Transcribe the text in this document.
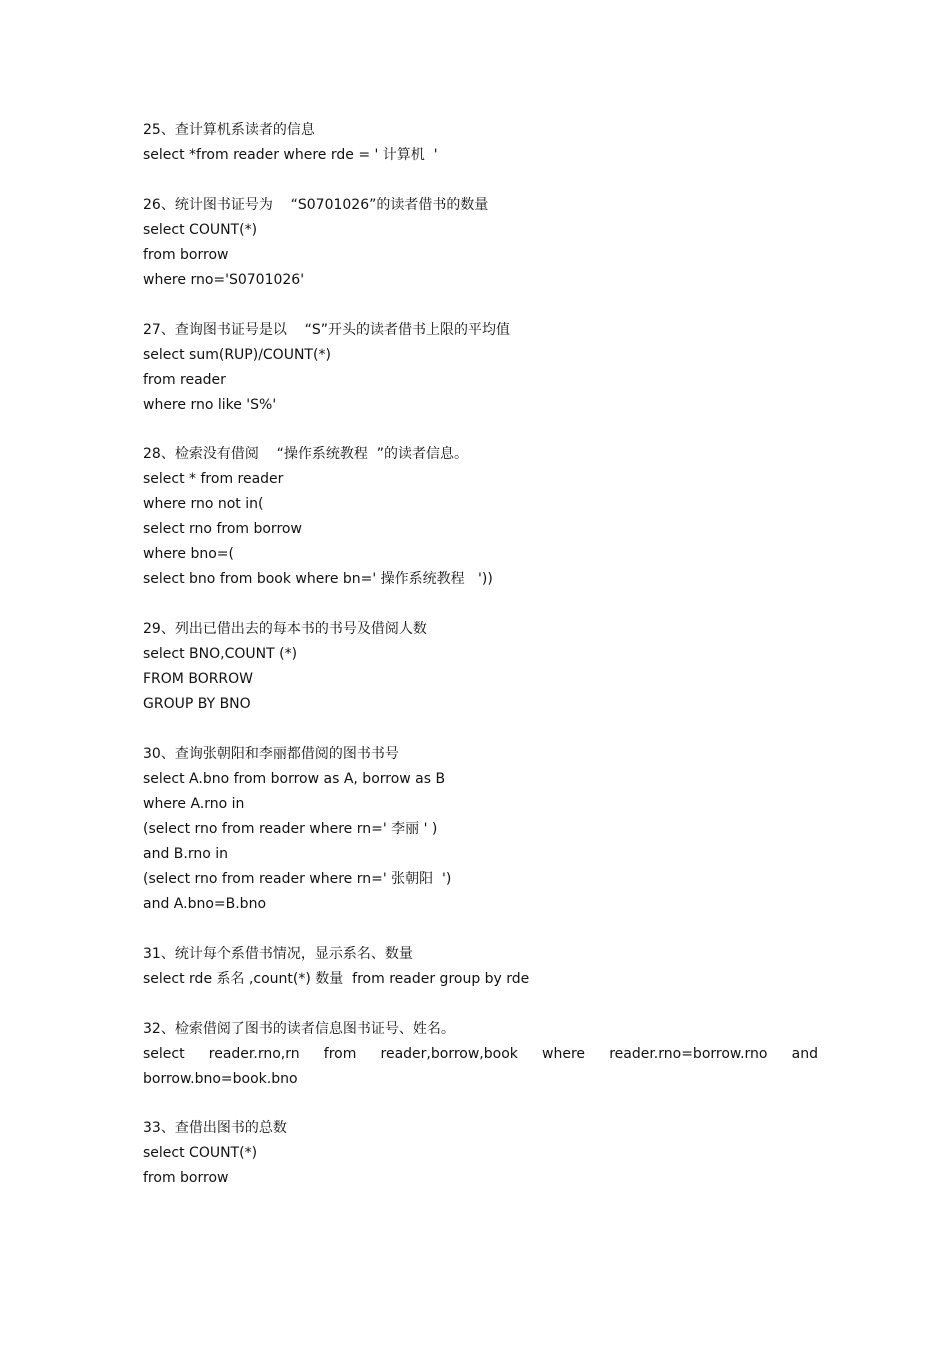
25、查计算机系读者的信息
select *from reader where rde = ' 计算机  '
26、统计图书证号为    “S0701026”的读者借书的数量
select COUNT(*)
from borrow
where rno='S0701026'
27、查询图书证号是以    “S”开头的读者借书上限的平均值
select sum(RUP)/COUNT(*)
from reader
where rno like 'S%'
28、检索没有借阅    “操作系统教程  ”的读者信息。
select * from reader
where rno not in(
select rno from borrow
where bno=(
select bno from book where bn=' 操作系统教程   '))
29、列出已借出去的每本书的书号及借阅人数
select BNO,COUNT (*)
FROM BORROW
GROUP BY BNO
30、查询张朝阳和李丽都借阅的图书书号
select A.bno from borrow as A, borrow as B
where A.rno in
(select rno from reader where rn=' 李丽 ' )
and B.rno in
(select rno from reader where rn=' 张朝阳  ')
and A.bno=B.bno
31、统计每个系借书情况，显示系名、数量
select rde 系名 ,count(*) 数量  from reader group by rde
32、检索借阅了图书的读者信息图书证号、姓名。
select reader.rno,rn from reader,borrow,book where reader.rno=borrow.rno and
borrow.bno=book.bno
33、查借出图书的总数
select COUNT(*)
from borrow
